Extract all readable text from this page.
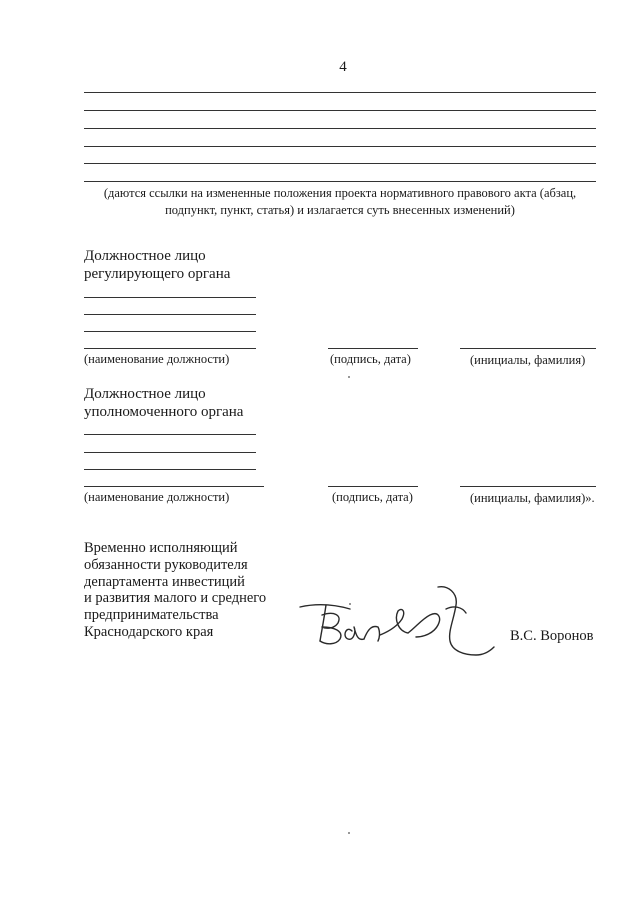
4
(даются ссылки на измененные положения проекта нормативного правового акта (абзац, подпункт, пункт, статья) и излагается суть внесенных изменений)
Должностное лицо
регулирующего органа
(наименование должности)	(подпись, дата)	(инициалы, фамилия)
Должностное лицо
уполномоченного органа
(наименование должности)	(подпись, дата)	(инициалы, фамилия)».
Временно исполняющий
обязанности руководителя
департамента инвестиций
и развития малого и среднего
предпринимательства
Краснодарского края	В.С. Воронов
